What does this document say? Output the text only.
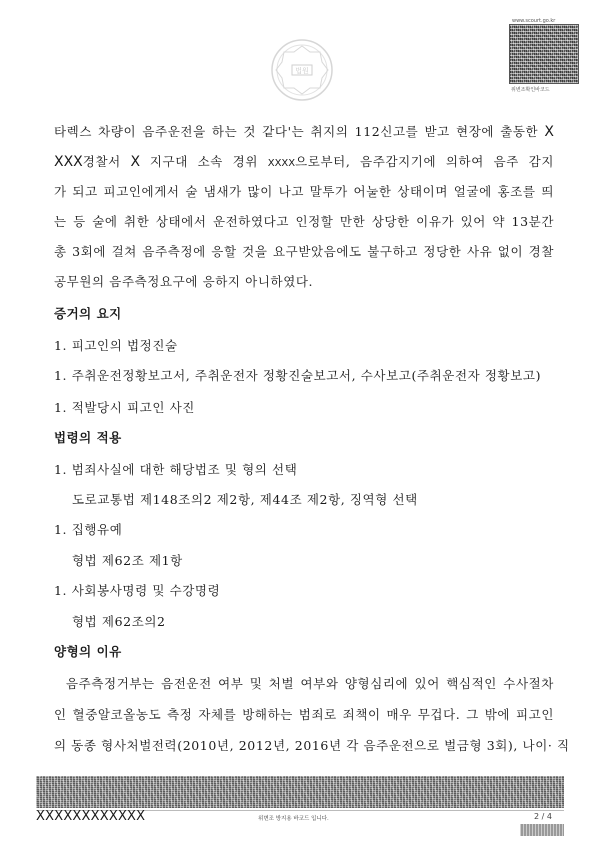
www.scourt.go.kr
위변조확인바코드
법원
타렉스 차량이 음주운전을 하는 것 같다'는 취지의 112신고를 받고 현장에 출동한 X
XXX경찰서 X 지구대 소속 경위 XXXX으로부터, 음주감지기에 의하여 음주 감지
가 되고 피고인에게서 술 냄새가 많이 나고 말투가 어눌한 상태이며 얼굴에 홍조를 띄
는 등 술에 취한 상태에서 운전하였다고 인정할 만한 상당한 이유가 있어 약 13분간
총 3회에 걸쳐 음주측정에 응할 것을 요구받았음에도 불구하고 정당한 사유 없이 경찰
공무원의 음주측정요구에 응하지 아니하였다.
증거의 요지
1. 피고인의 법정진술
1. 주취운전정황보고서, 주취운전자 정황진술보고서, 수사보고(주취운전자 정황보고)
1. 적발당시 피고인 사진
법령의 적용
1. 범죄사실에 대한 해당법조 및 형의 선택
도로교통법 제148조의2 제2항, 제44조 제2항, 징역형 선택
1. 집행유예
형법 제62조 제1항
1. 사회봉사명령 및 수강명령
형법 제62조의2
양형의 이유
음주측정거부는 음전운전 여부 및 처벌 여부와 양형심리에 있어 핵심적인 수사절차
인 혈중알코올농도 측정 자체를 방해하는 범죄로 죄책이 매우 무겁다. 그 밖에 피고인
의 동종 형사처벌전력(2010년, 2012년, 2016년 각 음주운전으로 벌금형 3회), 나이· 직
XXXXXXXXXXXX	위변조 방지용 바코드 입니다.	2 / 4
